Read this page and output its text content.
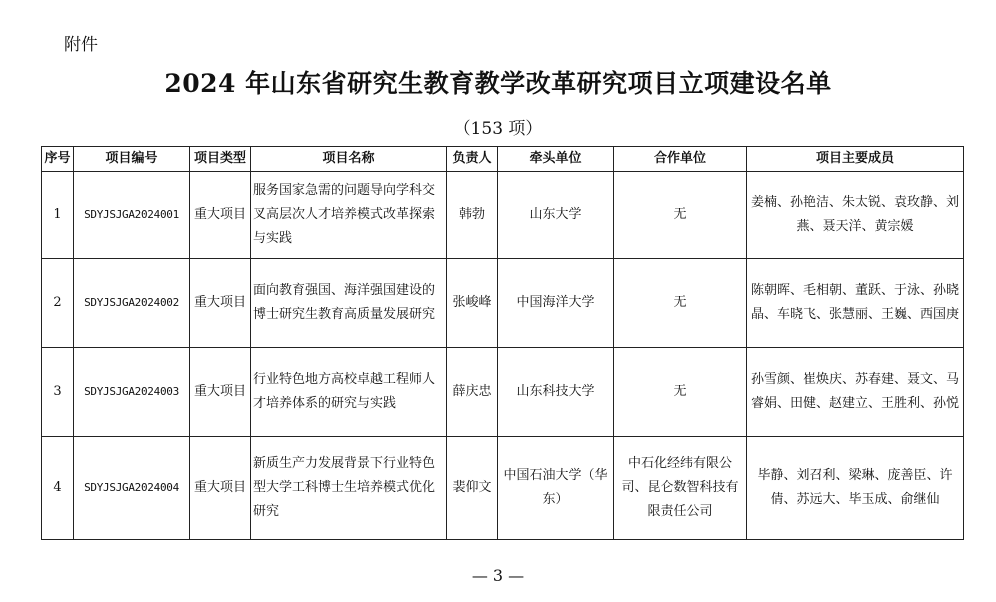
附件
2024 年山东省研究生教育教学改革研究项目立项建设名单
（153 项）
序号	项目编号	项目类型	项目名称	负责人	牵头单位	合作单位	项目主要成员
1	SDYJSJGA2024001	重大项目	服务国家急需的问题导向学科交叉高层次人才培养模式改革探索与实践	韩勃	山东大学	无	姜楠、孙艳洁、朱太锐、袁玫静、刘燕、聂天洋、黄宗媛
2	SDYJSJGA2024002	重大项目	面向教育强国、海洋强国建设的博士研究生教育高质量发展研究	张峻峰	中国海洋大学	无	陈朝晖、毛相朝、董跃、于泳、孙晓晶、车晓飞、张慧丽、王巍、西国庚
3	SDYJSJGA2024003	重大项目	行业特色地方高校卓越工程师人才培养体系的研究与实践	薛庆忠	山东科技大学	无	孙雪颜、崔焕庆、苏春建、聂文、马睿娟、田健、赵建立、王胜利、孙悦
4	SDYJSJGA2024004	重大项目	新质生产力发展背景下行业特色型大学工科博士生培养模式优化研究	裴仰文	中国石油大学（华东）	中石化经纬有限公司、昆仑数智科技有限责任公司	毕静、刘召利、梁琳、庞善臣、许倩、苏远大、毕玉成、俞继仙
— 3 —
